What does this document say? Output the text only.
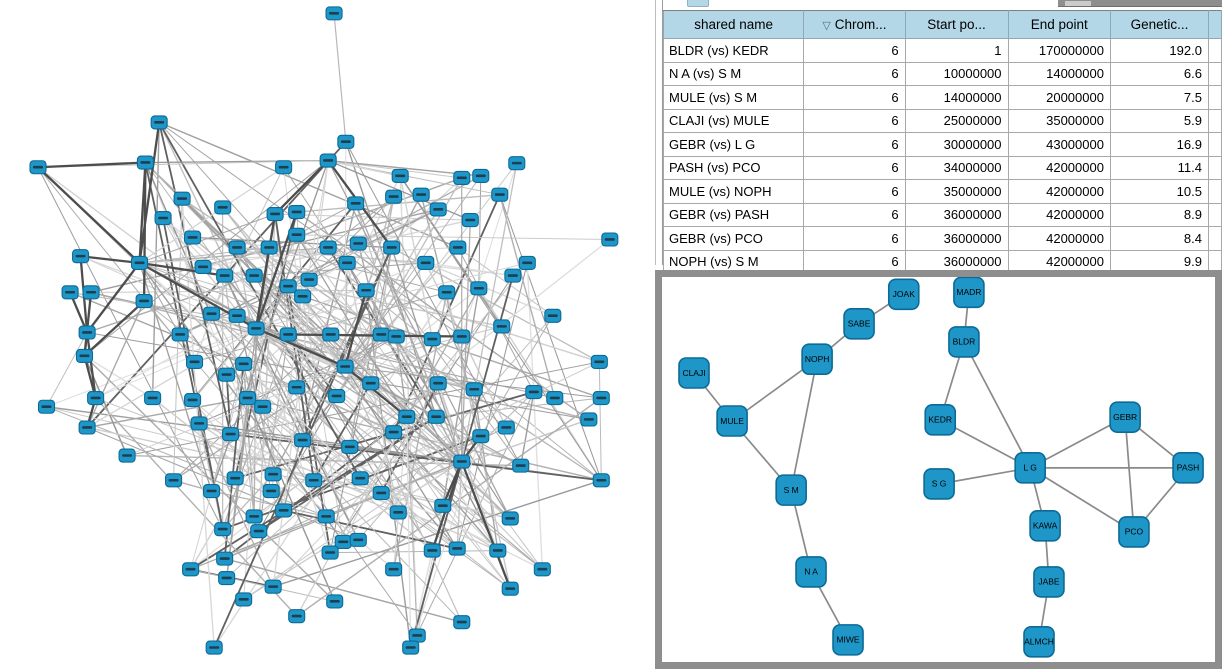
shared name	▽ Chrom...	Start po...	End point	Genetic...	
BLDR (vs) KEDR	6	1	170000000	192.0	
N A (vs) S M	6	10000000	14000000	6.6	
MULE (vs) S M	6	14000000	20000000	7.5	
CLAJI (vs) MULE	6	25000000	35000000	5.9	
GEBR (vs) L G	6	30000000	43000000	16.9	
PASH (vs) PCO	6	34000000	42000000	11.4	
MULE (vs) NOPH	6	35000000	42000000	10.5	
GEBR (vs) PASH	6	36000000	42000000	8.9	
GEBR (vs) PCO	6	36000000	42000000	8.4	
NOPH (vs) S M	6	36000000	42000000	9.9	
JOAK	MADR
SABE
NOPH
CLAJI
BLDR
MULE	KEDR	GEBR
L G
S G
PASH
KAWA
PCO
S M
N A
JABE
MIWE	ALMCH
